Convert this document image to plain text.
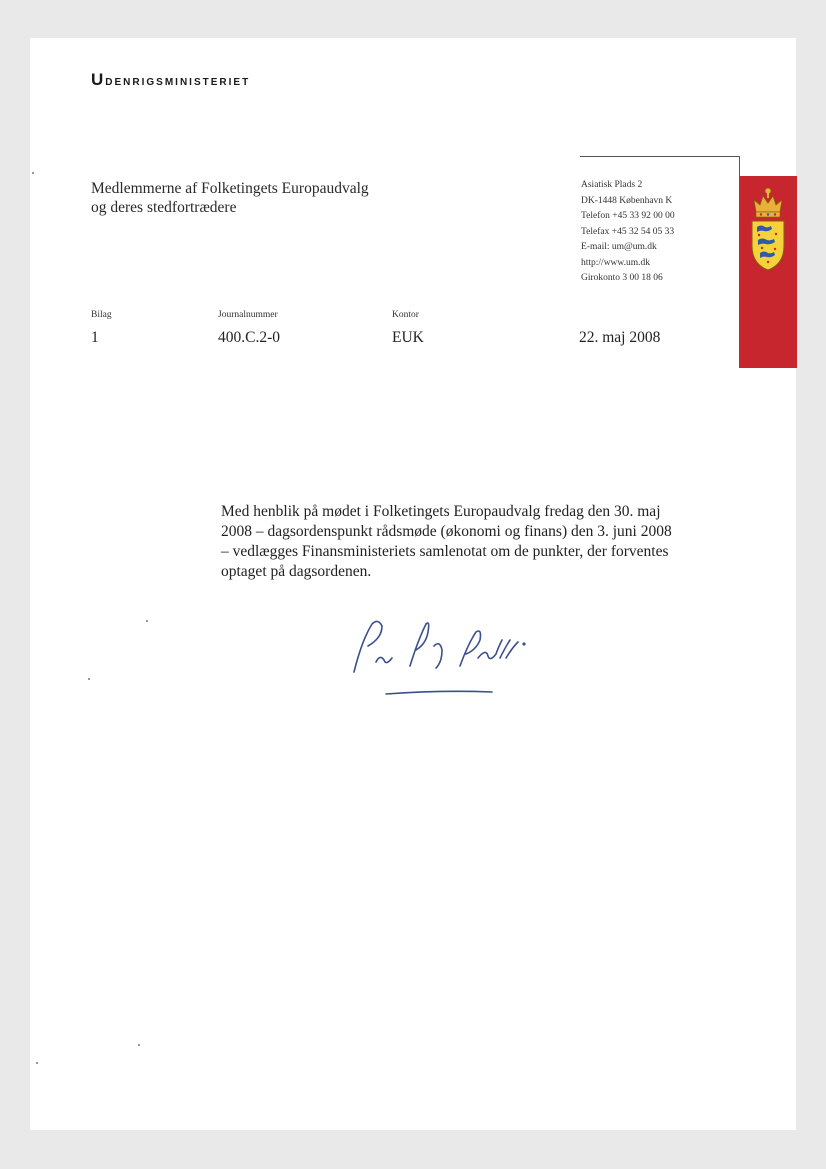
Udenrigsministeriet
Medlemmerne af Folketingets Europaudvalg
og deres stedfortrædere
Asiatisk Plads 2
DK-1448 København K
Telefon +45 33 92 00 00
Telefax +45 32 54 05 33
E-mail: um@um.dk
http://www.um.dk
Girokonto 3 00 18 06
Bilag
1
Journalnummer
400.C.2-0
Kontor
EUK	22. maj 2008
Med henblik på mødet i Folketingets Europaudvalg fredag den 30. maj
2008 – dagsordenspunkt rådsmøde (økonomi og finans) den 3. juni 2008
– vedlægges Finansministeriets samlenotat om de punkter, der forventes
optaget på dagsordenen.
